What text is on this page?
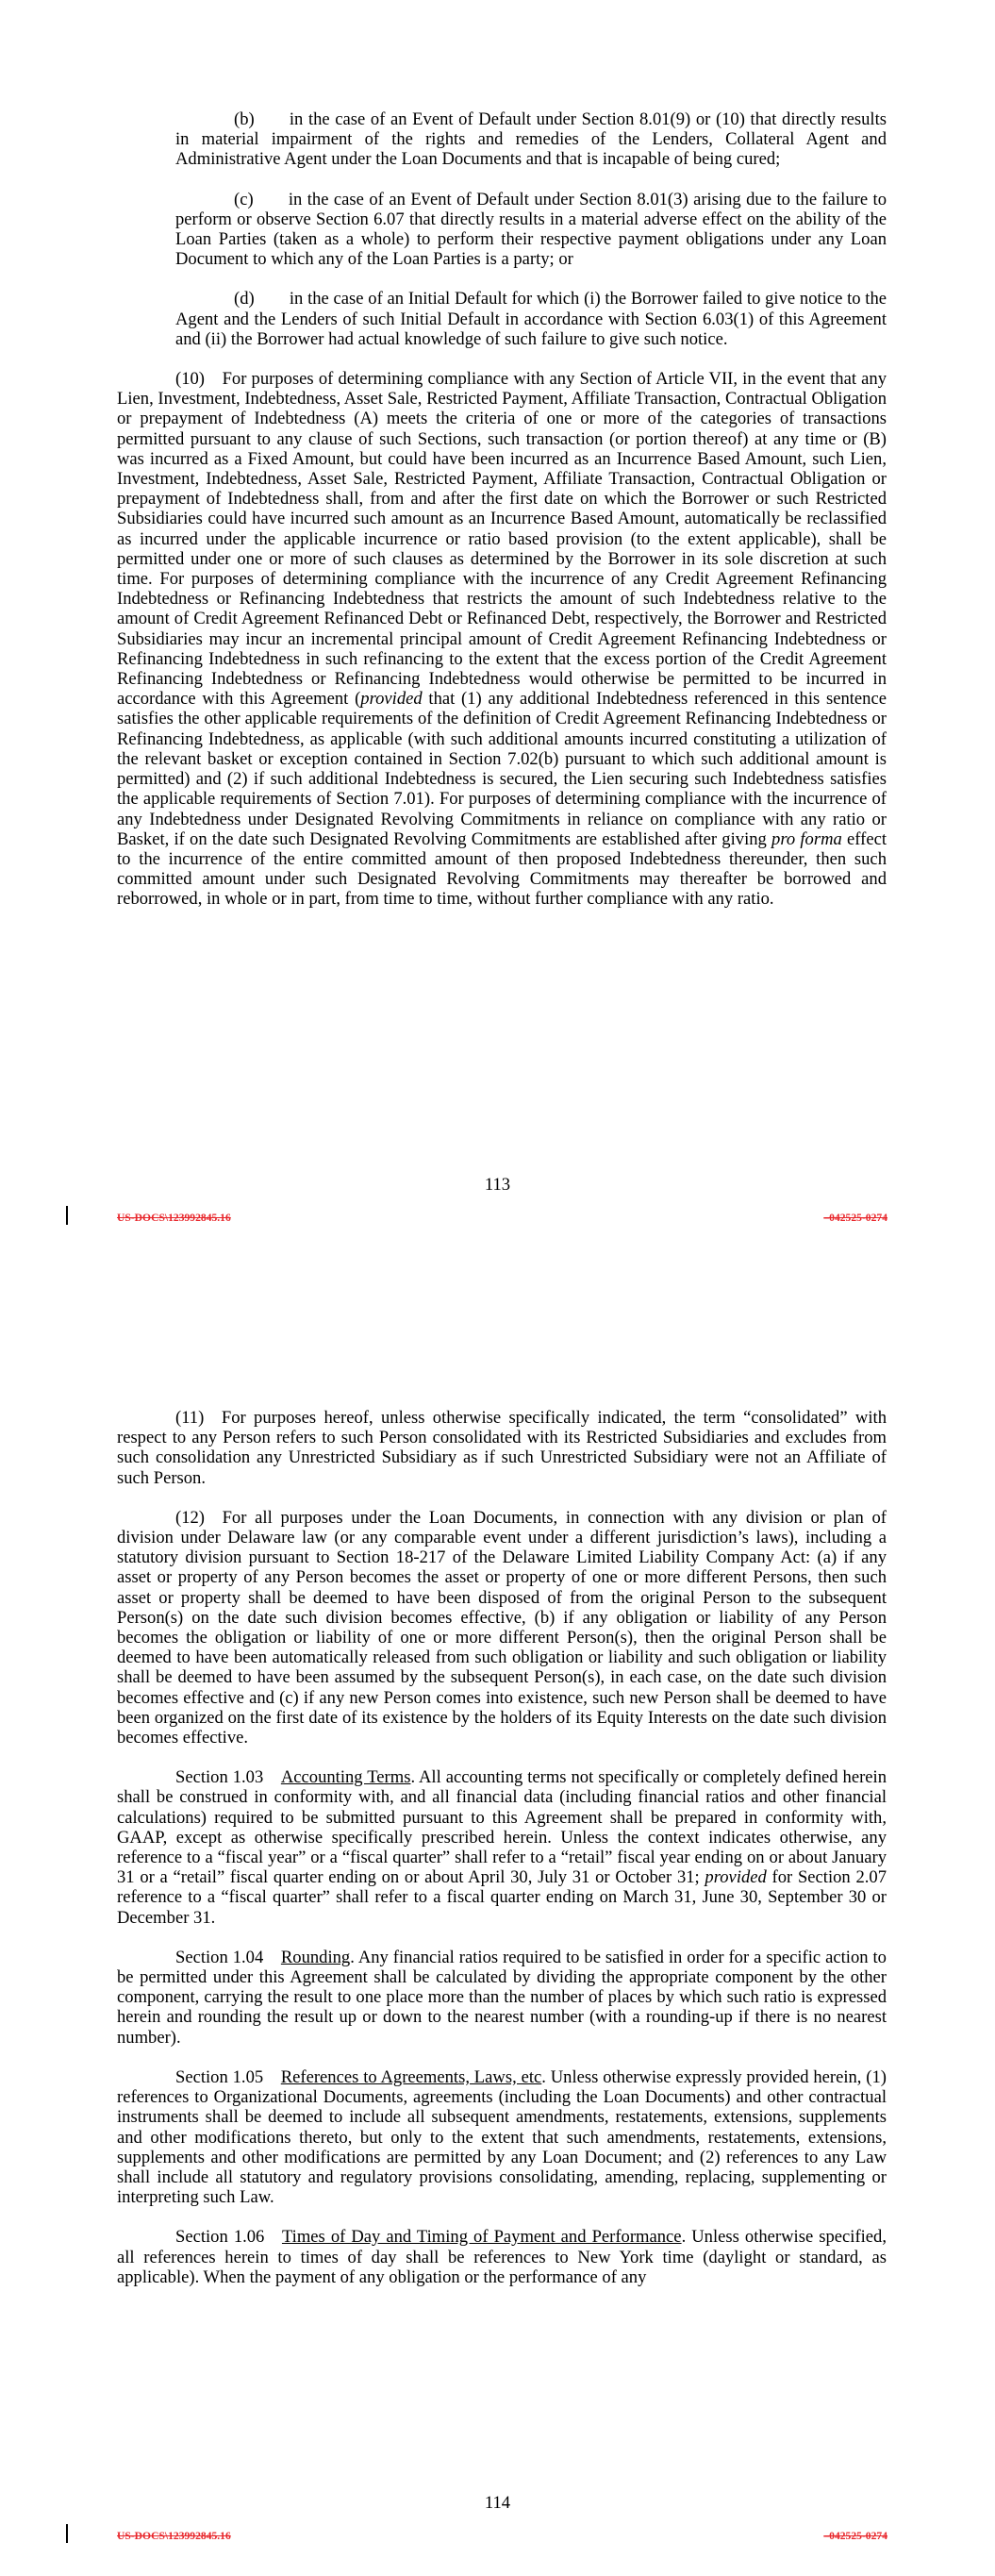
(b)  in the case of an Event of Default under Section 8.01(9) or (10) that directly results in material impairment of the rights and remedies of the Lenders, Collateral Agent and Administrative Agent under the Loan Documents and that is incapable of being cured;

(c)  in the case of an Event of Default under Section 8.01(3) arising due to the failure to perform or observe Section 6.07 that directly results in a material adverse effect on the ability of the Loan Parties (taken as a whole) to perform their respective payment obligations under any Loan Document to which any of the Loan Parties is a party; or

(d)  in the case of an Initial Default for which (i) the Borrower failed to give notice to the Agent and the Lenders of such Initial Default in accordance with Section 6.03(1) of this Agreement and (ii) the Borrower had actual knowledge of such failure to give such notice.

(10) For purposes of determining compliance with any Section of Article VII, in the event that any Lien, Investment, Indebtedness, Asset Sale, Restricted Payment, Affiliate Transaction, Contractual Obligation or prepayment of Indebtedness (A) meets the criteria of one or more of the categories of transactions permitted pursuant to any clause of such Sections, such transaction (or portion thereof) at any time or (B) was incurred as a Fixed Amount, but could have been incurred as an Incurrence Based Amount, such Lien, Investment, Indebtedness, Asset Sale, Restricted Payment, Affiliate Transaction, Contractual Obligation or prepayment of Indebtedness shall, from and after the first date on which the Borrower or such Restricted Subsidiaries could have incurred such amount as an Incurrence Based Amount, automatically be reclassified as incurred under the applicable incurrence or ratio based provision (to the extent applicable), shall be permitted under one or more of such clauses as determined by the Borrower in its sole discretion at such time. For purposes of determining compliance with the incurrence of any Credit Agreement Refinancing Indebtedness or Refinancing Indebtedness that restricts the amount of such Indebtedness relative to the amount of Credit Agreement Refinanced Debt or Refinanced Debt, respectively, the Borrower and Restricted Subsidiaries may incur an incremental principal amount of Credit Agreement Refinancing Indebtedness or Refinancing Indebtedness in such refinancing to the extent that the excess portion of the Credit Agreement Refinancing Indebtedness or Refinancing Indebtedness would otherwise be permitted to be incurred in accordance with this Agreement (provided that (1) any additional Indebtedness referenced in this sentence satisfies the other applicable requirements of the definition of Credit Agreement Refinancing Indebtedness or Refinancing Indebtedness, as applicable (with such additional amounts incurred constituting a utilization of the relevant basket or exception contained in Section 7.02(b) pursuant to which such additional amount is permitted) and (2) if such additional Indebtedness is secured, the Lien securing such Indebtedness satisfies the applicable requirements of Section 7.01). For purposes of determining compliance with the incurrence of any Indebtedness under Designated Revolving Commitments in reliance on compliance with any ratio or Basket, if on the date such Designated Revolving Commitments are established after giving pro forma effect to the incurrence of the entire committed amount of then proposed Indebtedness thereunder, then such committed amount under such Designated Revolving Commitments may thereafter be borrowed and reborrowed, in whole or in part, from time to time, without further compliance with any ratio.

113
US-DOCS\123992845.16	–042525-0274

(11) For purposes hereof, unless otherwise specifically indicated, the term “consolidated” with respect to any Person refers to such Person consolidated with its Restricted Subsidiaries and excludes from such consolidation any Unrestricted Subsidiary as if such Unrestricted Subsidiary were not an Affiliate of such Person.

(12) For all purposes under the Loan Documents, in connection with any division or plan of division under Delaware law (or any comparable event under a different jurisdiction’s laws), including a statutory division pursuant to Section 18-217 of the Delaware Limited Liability Company Act: (a) if any asset or property of any Person becomes the asset or property of one or more different Persons, then such asset or property shall be deemed to have been disposed of from the original Person to the subsequent Person(s) on the date such division becomes effective, (b) if any obligation or liability of any Person becomes the obligation or liability of one or more different Person(s), then the original Person shall be deemed to have been automatically released from such obligation or liability and such obligation or liability shall be deemed to have been assumed by the subsequent Person(s), in each case, on the date such division becomes effective and (c) if any new Person comes into existence, such new Person shall be deemed to have been organized on the first date of its existence by the holders of its Equity Interests on the date such division becomes effective.

Section 1.03 Accounting Terms. All accounting terms not specifically or completely defined herein shall be construed in conformity with, and all financial data (including financial ratios and other financial calculations) required to be submitted pursuant to this Agreement shall be prepared in conformity with, GAAP, except as otherwise specifically prescribed herein. Unless the context indicates otherwise, any reference to a “fiscal year” or a “fiscal quarter” shall refer to a “retail” fiscal year ending on or about January 31 or a “retail” fiscal quarter ending on or about April 30, July 31 or October 31; provided for Section 2.07 reference to a “fiscal quarter” shall refer to a fiscal quarter ending on March 31, June 30, September 30 or December 31.

Section 1.04 Rounding. Any financial ratios required to be satisfied in order for a specific action to be permitted under this Agreement shall be calculated by dividing the appropriate component by the other component, carrying the result to one place more than the number of places by which such ratio is expressed herein and rounding the result up or down to the nearest number (with a rounding-up if there is no nearest number).

Section 1.05 References to Agreements, Laws, etc. Unless otherwise expressly provided herein, (1) references to Organizational Documents, agreements (including the Loan Documents) and other contractual instruments shall be deemed to include all subsequent amendments, restatements, extensions, supplements and other modifications thereto, but only to the extent that such amendments, restatements, extensions, supplements and other modifications are permitted by any Loan Document; and (2) references to any Law shall include all statutory and regulatory provisions consolidating, amending, replacing, supplementing or interpreting such Law.

Section 1.06 Times of Day and Timing of Payment and Performance. Unless otherwise specified, all references herein to times of day shall be references to New York time (daylight or standard, as applicable). When the payment of any obligation or the performance of any

114
US-DOCS\123992845.16	–042525-0274
